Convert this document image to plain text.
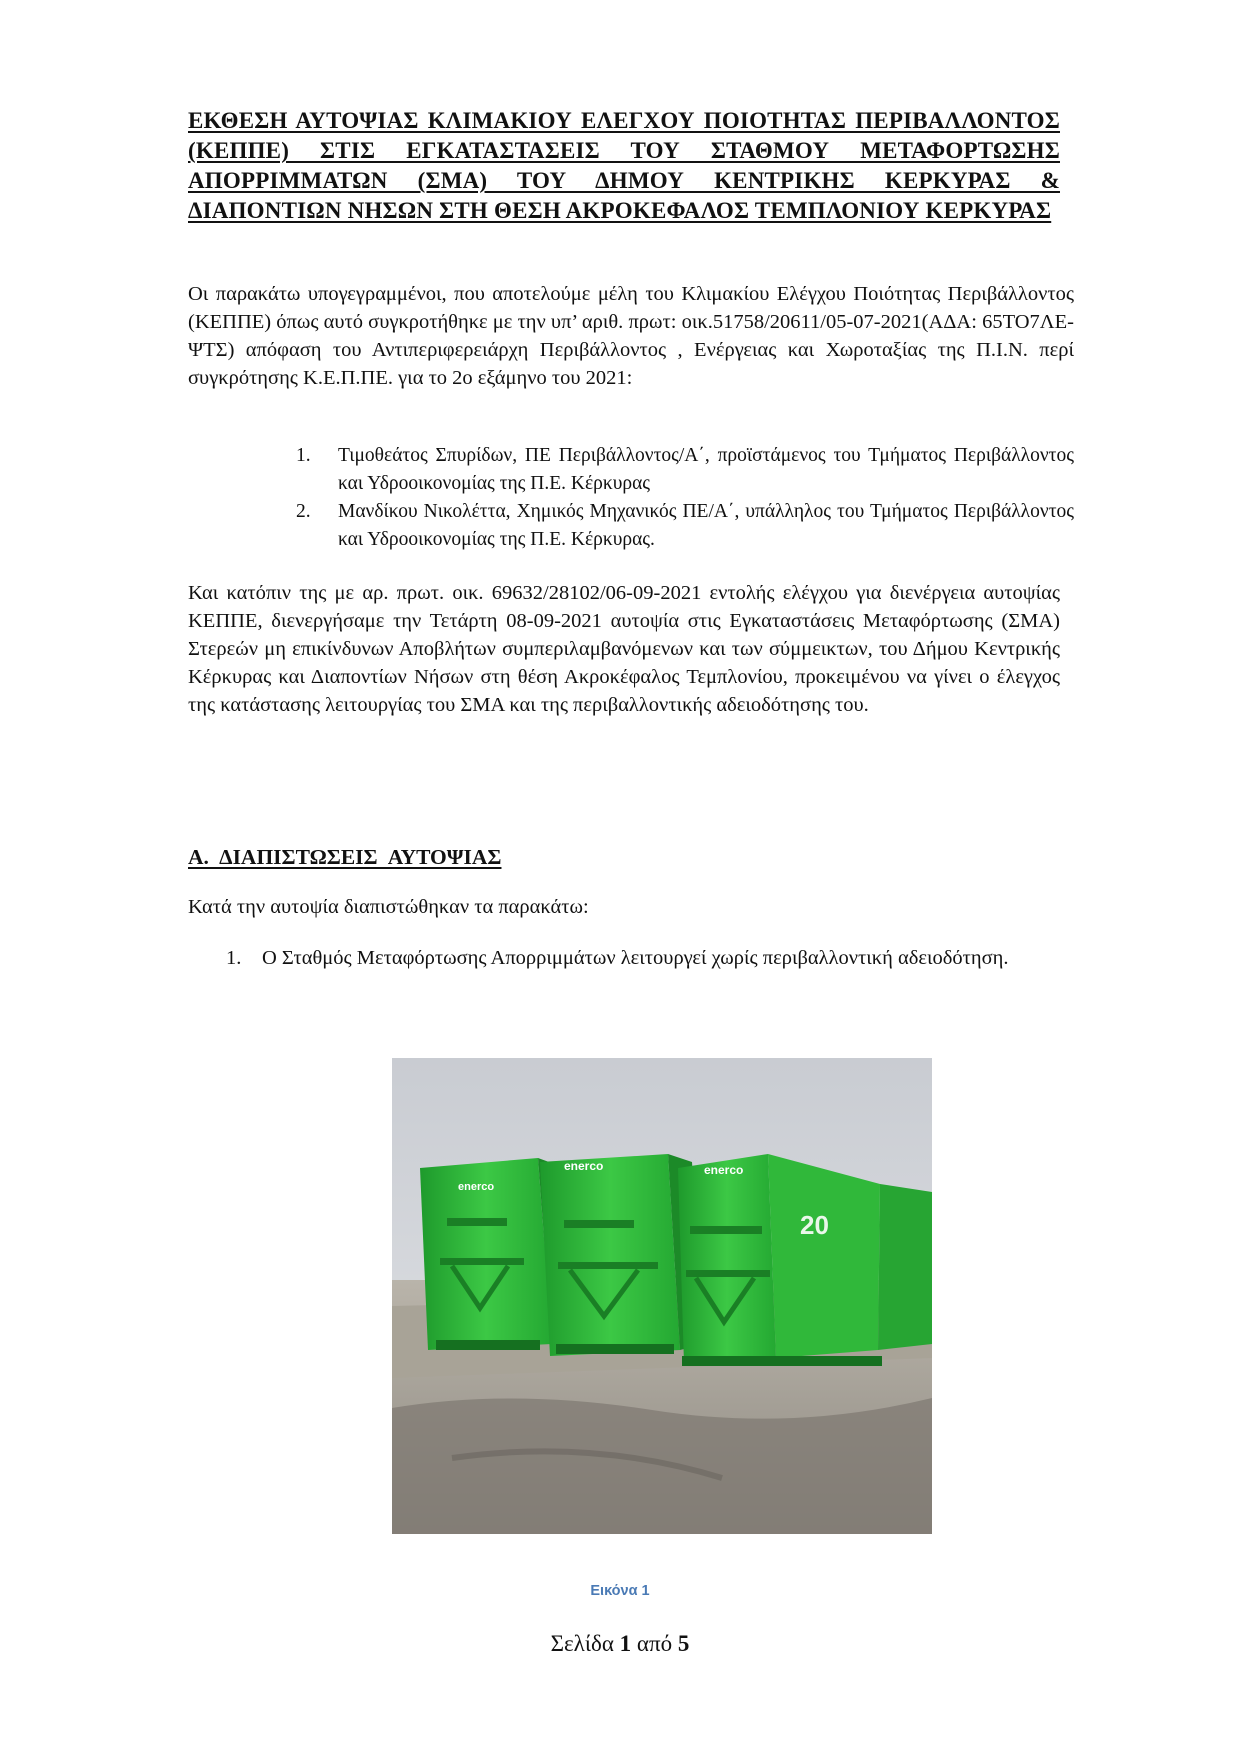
ΕΚΘΕΣΗ ΑΥΤΟΨΙΑΣ ΚΛΙΜΑΚΙΟΥ ΕΛΕΓΧΟΥ ΠΟΙΟΤΗΤΑΣ ΠΕΡΙΒΑΛΛΟΝΤΟΣ (ΚΕΠΠΕ) ΣΤΙΣ ΕΓΚΑΤΑΣΤΑΣΕΙΣ ΤΟΥ ΣΤΑΘΜΟΥ ΜΕΤΑΦΟΡΤΩΣΗΣ ΑΠΟΡΡΙΜΜΑΤΩΝ (ΣΜΑ) ΤΟΥ ΔΗΜΟΥ ΚΕΝΤΡΙΚΗΣ ΚΕΡΚΥΡΑΣ & ΔΙΑΠΟΝΤΙΩΝ ΝΗΣΩΝ ΣΤΗ ΘΕΣΗ ΑΚΡΟΚΕΦΑΛΟΣ ΤΕΜΠΛΟΝΙΟΥ ΚΕΡΚΥΡΑΣ

Οι παρακάτω υπογεγραμμένοι, που αποτελούμε μέλη του Κλιμακίου Ελέγχου Ποιότητας Περιβάλλοντος (ΚΕΠΠΕ) όπως αυτό συγκροτήθηκε με την υπ’ αριθ. πρωτ: οικ.51758/20611/05-07-2021(ΑΔΑ: 65ΤΟ7ΛΕ-ΨΤΣ) απόφαση του Αντιπεριφερειάρχη Περιβάλλοντος , Ενέργειας και Χωροταξίας της Π.Ι.Ν. περί συγκρότησης Κ.Ε.Π.ΠΕ. για το 2ο εξάμηνο του 2021:

1.	Τιμοθεάτος Σπυρίδων, ΠΕ Περιβάλλοντος/Α΄, προϊστάμενος του Τμήματος Περιβάλλοντος και Υδροοικονομίας της Π.Ε. Κέρκυρας
2.	Μανδίκου Νικολέττα, Χημικός Μηχανικός ΠΕ/Α΄, υπάλληλος του Τμήματος Περιβάλλοντος και Υδροοικονομίας της Π.Ε. Κέρκυρας.

Και κατόπιν της με αρ. πρωτ. οικ. 69632/28102/06-09-2021 εντολής ελέγχου για διενέργεια αυτοψίας ΚΕΠΠΕ, διενεργήσαμε την Τετάρτη 08-09-2021 αυτοψία στις Εγκαταστάσεις Μεταφόρτωσης (ΣΜΑ) Στερεών μη επικίνδυνων Αποβλήτων συμπεριλαμβανόμενων και των σύμμεικτων, του Δήμου Κεντρικής Κέρκυρας και Διαποντίων Νήσων στη θέση Ακροκέφαλος Τεμπλονίου, προκειμένου να γίνει ο έλεγχος της κατάστασης λειτουργίας του ΣΜΑ και της περιβαλλοντικής αδειοδότησης του.

Α. ΔΙΑΠΙΣΤΩΣΕΙΣ ΑΥΤΟΨΙΑΣ

Κατά την αυτοψία διαπιστώθηκαν τα παρακάτω:

1. Ο Σταθμός Μεταφόρτωσης Απορριμμάτων λειτουργεί χωρίς περιβαλλοντική αδειοδότηση.
enerco
enerco	enerco
20

Εικόνα 1

Σελίδα 1 από 5
